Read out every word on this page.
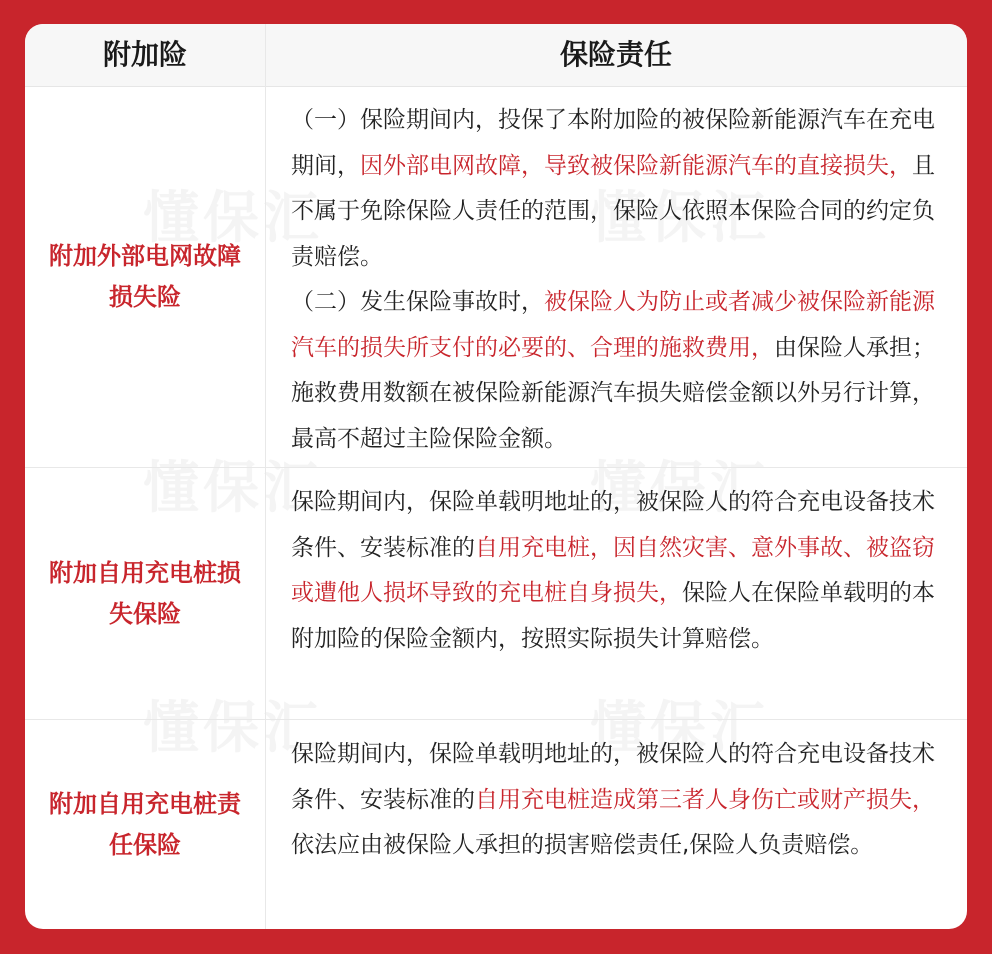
附加险	保险责任
附加外部电网故障损失险
（一）保险期间内，投保了本附加险的被保险新能源汽车在充电期间，因外部电网故障，导致被保险新能源汽车的直接损失，且不属于免除保险人责任的范围，保险人依照本保险合同的约定负责赔偿。
（二）发生保险事故时，被保险人为防止或者减少被保险新能源汽车的损失所支付的必要的、合理的施救费用，由保险人承担；施救费用数额在被保险新能源汽车损失赔偿金额以外另行计算，最高不超过主险保险金额。
附加自用充电桩损失保险
保险期间内，保险单载明地址的，被保险人的符合充电设备技术条件、安装标准的自用充电桩，因自然灾害、意外事故、被盗窃或遭他人损坏导致的充电桩自身损失，保险人在保险单载明的本附加险的保险金额内，按照实际损失计算赔偿。
附加自用充电桩责任保险
保险期间内，保险单载明地址的，被保险人的符合充电设备技术条件、安装标准的自用充电桩造成第三者人身伤亡或财产损失，依法应由被保险人承担的损害赔偿责任,保险人负责赔偿。
